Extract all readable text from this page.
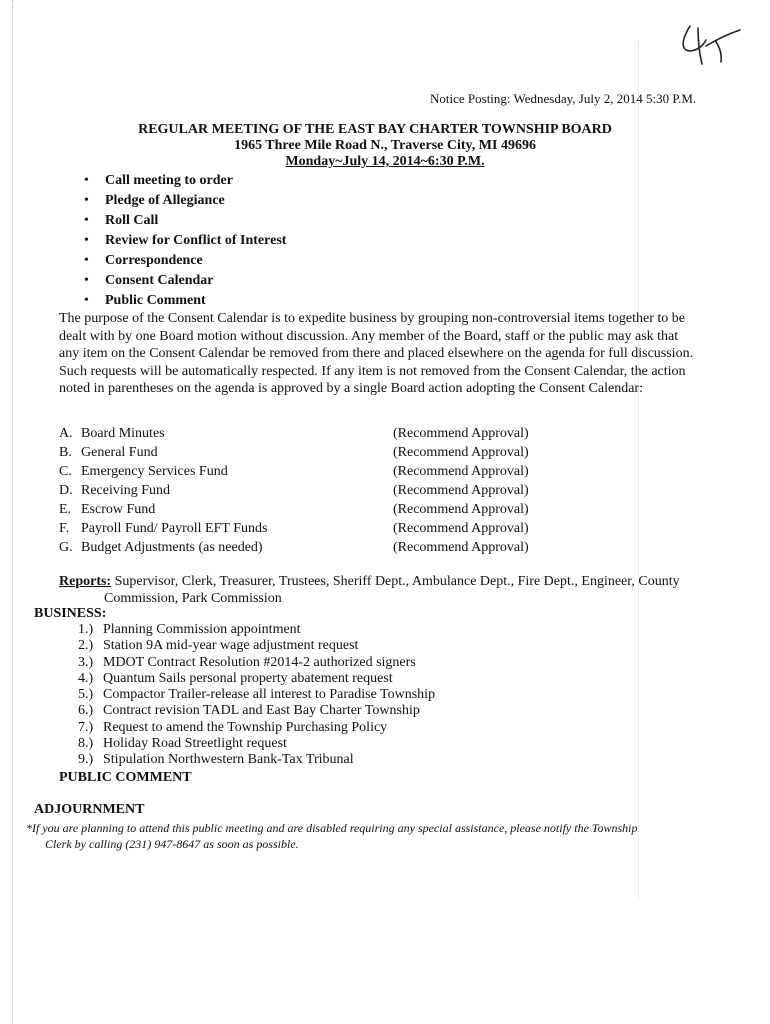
Notice Posting: Wednesday, July 2, 2014 5:30 P.M.
REGULAR MEETING OF THE EAST BAY CHARTER TOWNSHIP BOARD
1965 Three Mile Road N., Traverse City, MI 49696
Monday~July 14, 2014~6:30 P.M.
• Call meeting to order
• Pledge of Allegiance
• Roll Call
• Review for Conflict of Interest
• Correspondence
• Consent Calendar
• Public Comment
The purpose of the Consent Calendar is to expedite business by grouping non-controversial items together to be dealt with by one Board motion without discussion. Any member of the Board, staff or the public may ask that any item on the Consent Calendar be removed from there and placed elsewhere on the agenda for full discussion. Such requests will be automatically respected. If any item is not removed from the Consent Calendar, the action noted in parentheses on the agenda is approved by a single Board action adopting the Consent Calendar:
A. Board Minutes	(Recommend Approval)
B. General Fund	(Recommend Approval)
C. Emergency Services Fund	(Recommend Approval)
D. Receiving Fund	(Recommend Approval)
E. Escrow Fund	(Recommend Approval)
F. Payroll Fund/ Payroll EFT Funds	(Recommend Approval)
G. Budget Adjustments (as needed)	(Recommend Approval)
Reports: Supervisor, Clerk, Treasurer, Trustees, Sheriff Dept., Ambulance Dept., Fire Dept., Engineer, County
Commission, Park Commission
BUSINESS:
1.) Planning Commission appointment
2.) Station 9A mid-year wage adjustment request
3.) MDOT Contract Resolution #2014-2 authorized signers
4.) Quantum Sails personal property abatement request
5.) Compactor Trailer-release all interest to Paradise Township
6.) Contract revision TADL and East Bay Charter Township
7.) Request to amend the Township Purchasing Policy
8.) Holiday Road Streetlight request
9.) Stipulation Northwestern Bank-Tax Tribunal
PUBLIC COMMENT
ADJOURNMENT
*If you are planning to attend this public meeting and are disabled requiring any special assistance, please notify the Township
Clerk by calling (231) 947-8647 as soon as possible.
